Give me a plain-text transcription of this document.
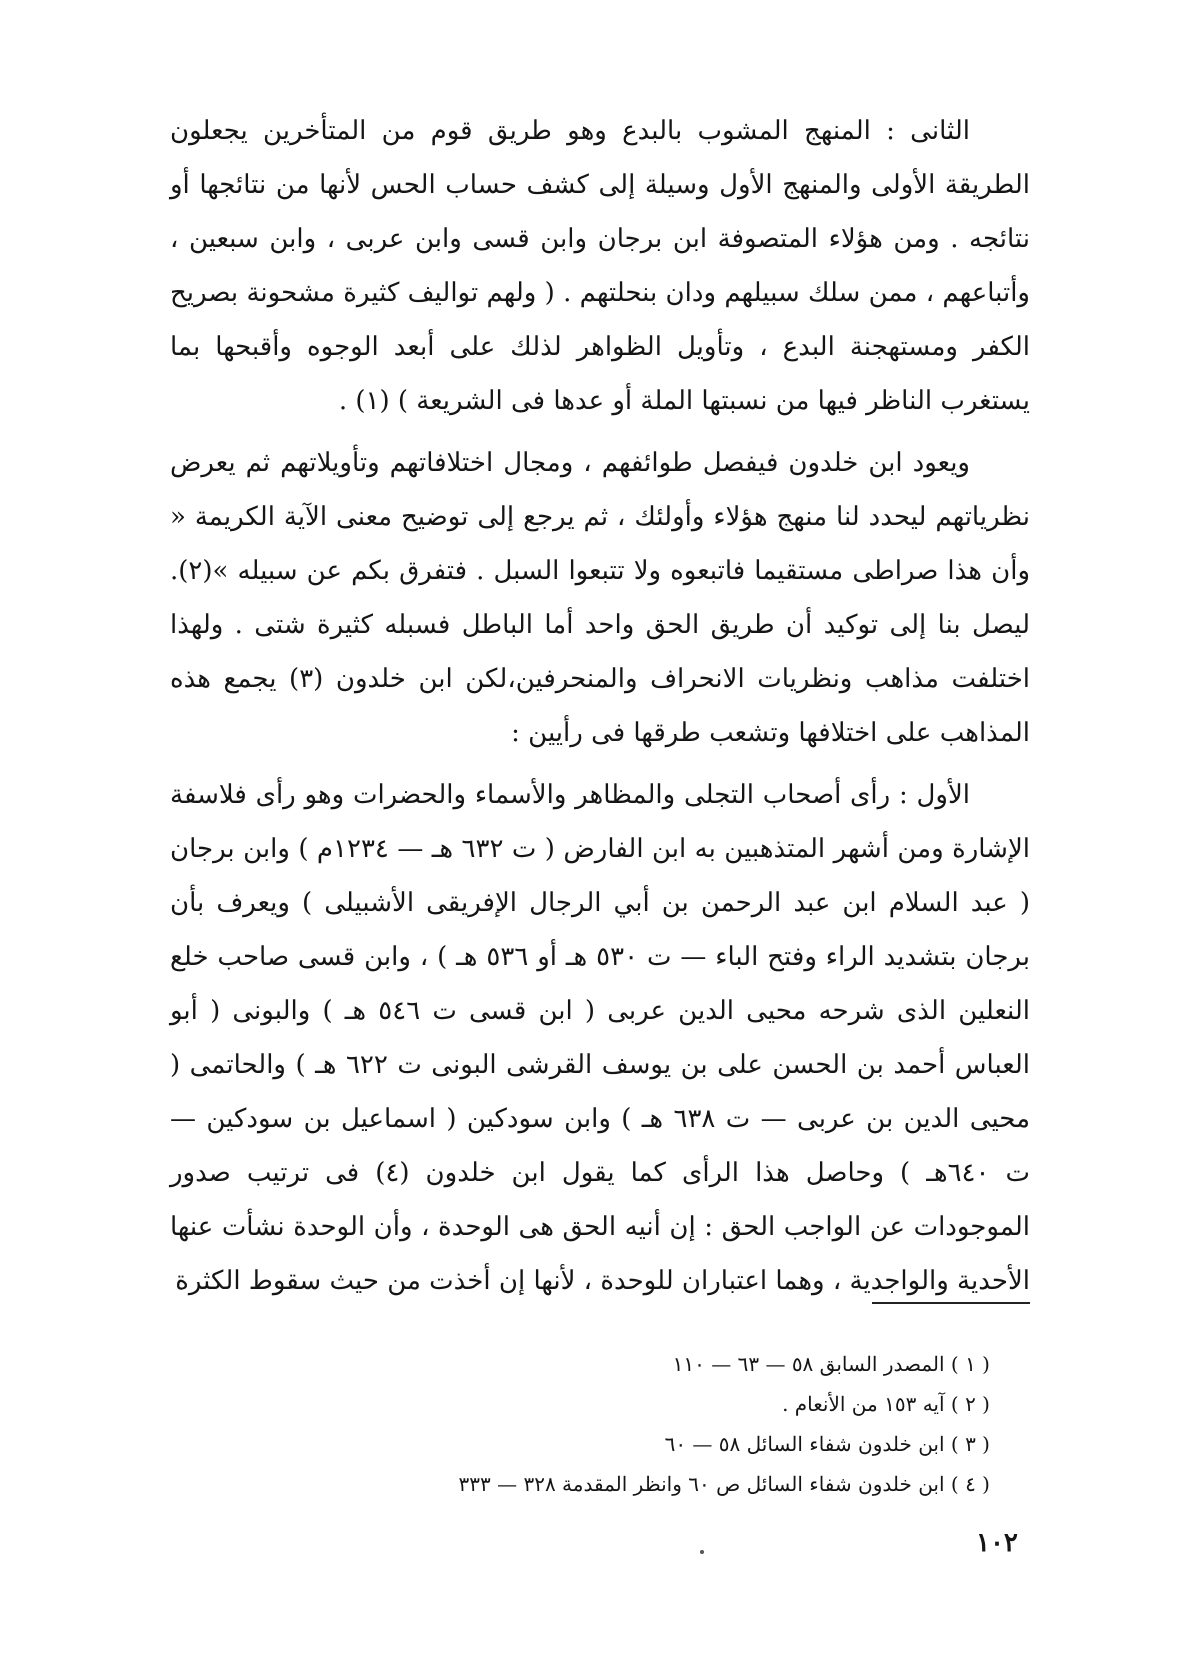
الثانى : المنهج المشوب بالبدع وهو طريق قوم من المتأخرين يجعلون الطريقة الأولى والمنهج الأول وسيلة إلى كشف حساب الحس لأنها من نتائجها أو نتائجه . ومن هؤلاء المتصوفة ابن برجان وابن قسى وابن عربى ، وابن سبعين ، وأتباعهم ، ممن سلك سبيلهم ودان بنحلتهم . ( ولهم تواليف كثيرة مشحونة بصريح الكفر ومستهجنة البدع ، وتأويل الظواهر لذلك على أبعد الوجوه وأقبحها بما يستغرب الناظر فيها من نسبتها الملة أو عدها فى الشريعة ) (١) .

ويعود ابن خلدون فيفصل طوائفهم ، ومجال اختلافاتهم وتأويلاتهم ثم يعرض نظرياتهم ليحدد لنا منهج هؤلاء وأولئك ، ثم يرجع إلى توضيح معنى الآية الكريمة « وأن هذا صراطى مستقيما فاتبعوه ولا تتبعوا السبل . فتفرق بكم عن سبيله »(٢). ليصل بنا إلى توكيد أن طريق الحق واحد أما الباطل فسبله كثيرة شتى . ولهذا اختلفت مذاهب ونظريات الانحراف والمنحرفين،لكن ابن خلدون (٣) يجمع هذه المذاهب على اختلافها وتشعب طرقها فى رأيين :

الأول : رأى أصحاب التجلى والمظاهر والأسماء والحضرات وهو رأى فلاسفة الإشارة ومن أشهر المتذهبين به ابن الفارض ( ت ٦٣٢ هـ — ١٢٣٤م ) وابن برجان ( عبد السلام ابن عبد الرحمن بن أبي الرجال الإفريقى الأشبيلى ) ويعرف بأن برجان بتشديد الراء وفتح الباء — ت ٥٣٠ هـ أو ٥٣٦ هـ ) ، وابن قسى صاحب خلع النعلين الذى شرحه محيى الدين عربى ( ابن قسى ت ٥٤٦ هـ ) والبونى ( أبو العباس أحمد بن الحسن على بن يوسف القرشى البونى ت ٦٢٢ هـ ) والحاتمى ( محيى الدين بن عربى — ت ٦٣٨ هـ ) وابن سودكين ( اسماعيل بن سودكين — ت ٦٤٠هـ ) وحاصل هذا الرأى كما يقول ابن خلدون (٤) فى ترتيب صدور الموجودات عن الواجب الحق : إن أنيه الحق هى الوحدة ، وأن الوحدة نشأت عنها الأحدية والواجدية ، وهما اعتباران للوحدة ، لأنها إن أخذت من حيث سقوط الكثرة

( ١ ) المصدر السابق ٥٨ — ٦٣ — ١١٠

( ٢ ) آيه ١٥٣ من الأنعام .

( ٣ ) ابن خلدون شفاء السائل ٥٨ — ٦٠

( ٤ ) ابن خلدون شفاء السائل ص ٦٠ وانظر المقدمة ٣٢٨ — ٣٣٣

١٠٢
